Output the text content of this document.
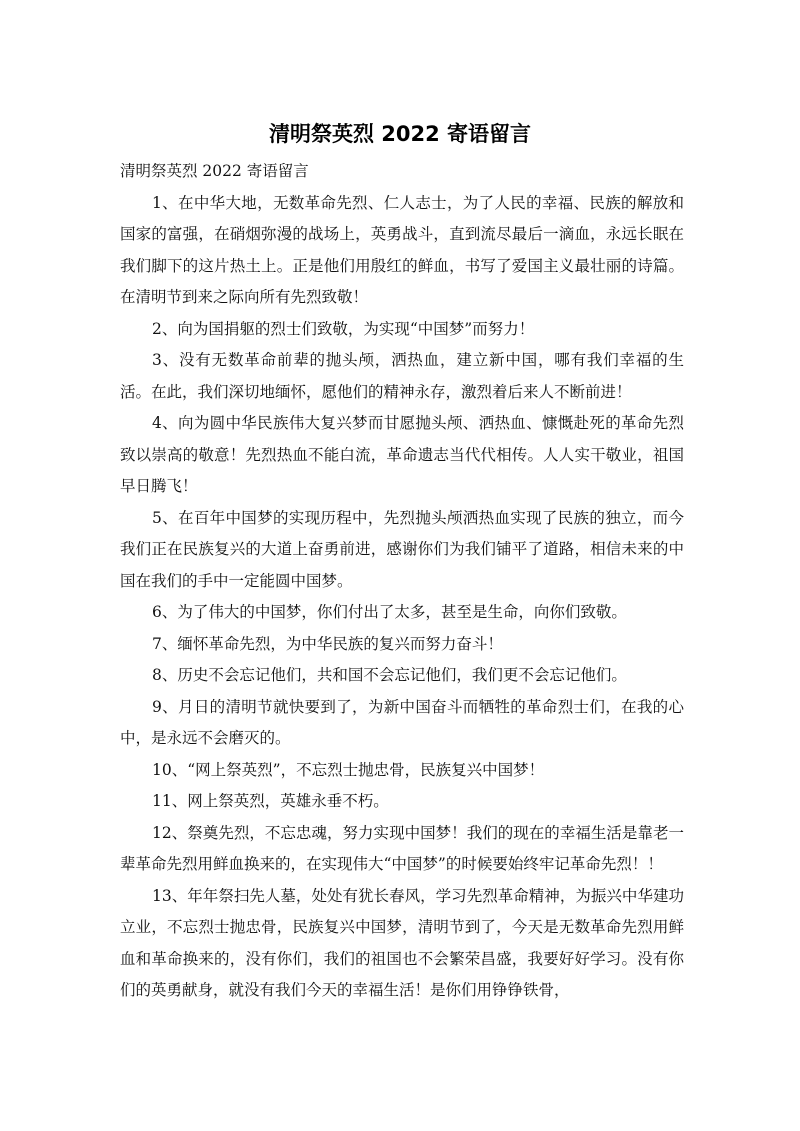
清明祭英烈 2022 寄语留言

清明祭英烈 2022 寄语留言

1、在中华大地，无数革命先烈、仁人志士，为了人民的幸福、民族的解放和国家的富强，在硝烟弥漫的战场上，英勇战斗，直到流尽最后一滴血，永远长眠在我们脚下的这片热土上。正是他们用殷红的鲜血，书写了爱国主义最壮丽的诗篇。在清明节到来之际向所有先烈致敬！

2、向为国捐躯的烈士们致敬，为实现“中国梦”而努力！

3、没有无数革命前辈的抛头颅，洒热血，建立新中国，哪有我们幸福的生活。在此，我们深切地缅怀，愿他们的精神永存，激烈着后来人不断前进！

4、向为圆中华民族伟大复兴梦而甘愿抛头颅、洒热血、慷慨赴死的革命先烈致以崇高的敬意！先烈热血不能白流，革命遗志当代代相传。人人实干敬业，祖国早日腾飞！

5、在百年中国梦的实现历程中，先烈抛头颅洒热血实现了民族的独立，而今我们正在民族复兴的大道上奋勇前进，感谢你们为我们铺平了道路，相信未来的中国在我们的手中一定能圆中国梦。

6、为了伟大的中国梦，你们付出了太多，甚至是生命，向你们致敬。

7、缅怀革命先烈，为中华民族的复兴而努力奋斗！

8、历史不会忘记他们，共和国不会忘记他们，我们更不会忘记他们。

9、月日的清明节就快要到了，为新中国奋斗而牺牲的革命烈士们，在我的心中，是永远不会磨灭的。

10、“网上祭英烈”，不忘烈士抛忠骨，民族复兴中国梦！

11、网上祭英烈，英雄永垂不朽。

12、祭奠先烈，不忘忠魂，努力实现中国梦！我们的现在的幸福生活是靠老一辈革命先烈用鲜血换来的，在实现伟大“中国梦”的时候要始终牢记革命先烈！！

13、年年祭扫先人墓，处处有犹长春风，学习先烈革命精神，为振兴中华建功立业，不忘烈士抛忠骨，民族复兴中国梦，清明节到了，今天是无数革命先烈用鲜血和革命换来的，没有你们，我们的祖国也不会繁荣昌盛，我要好好学习。没有你们的英勇献身，就没有我们今天的幸福生活！是你们用铮铮铁骨，
